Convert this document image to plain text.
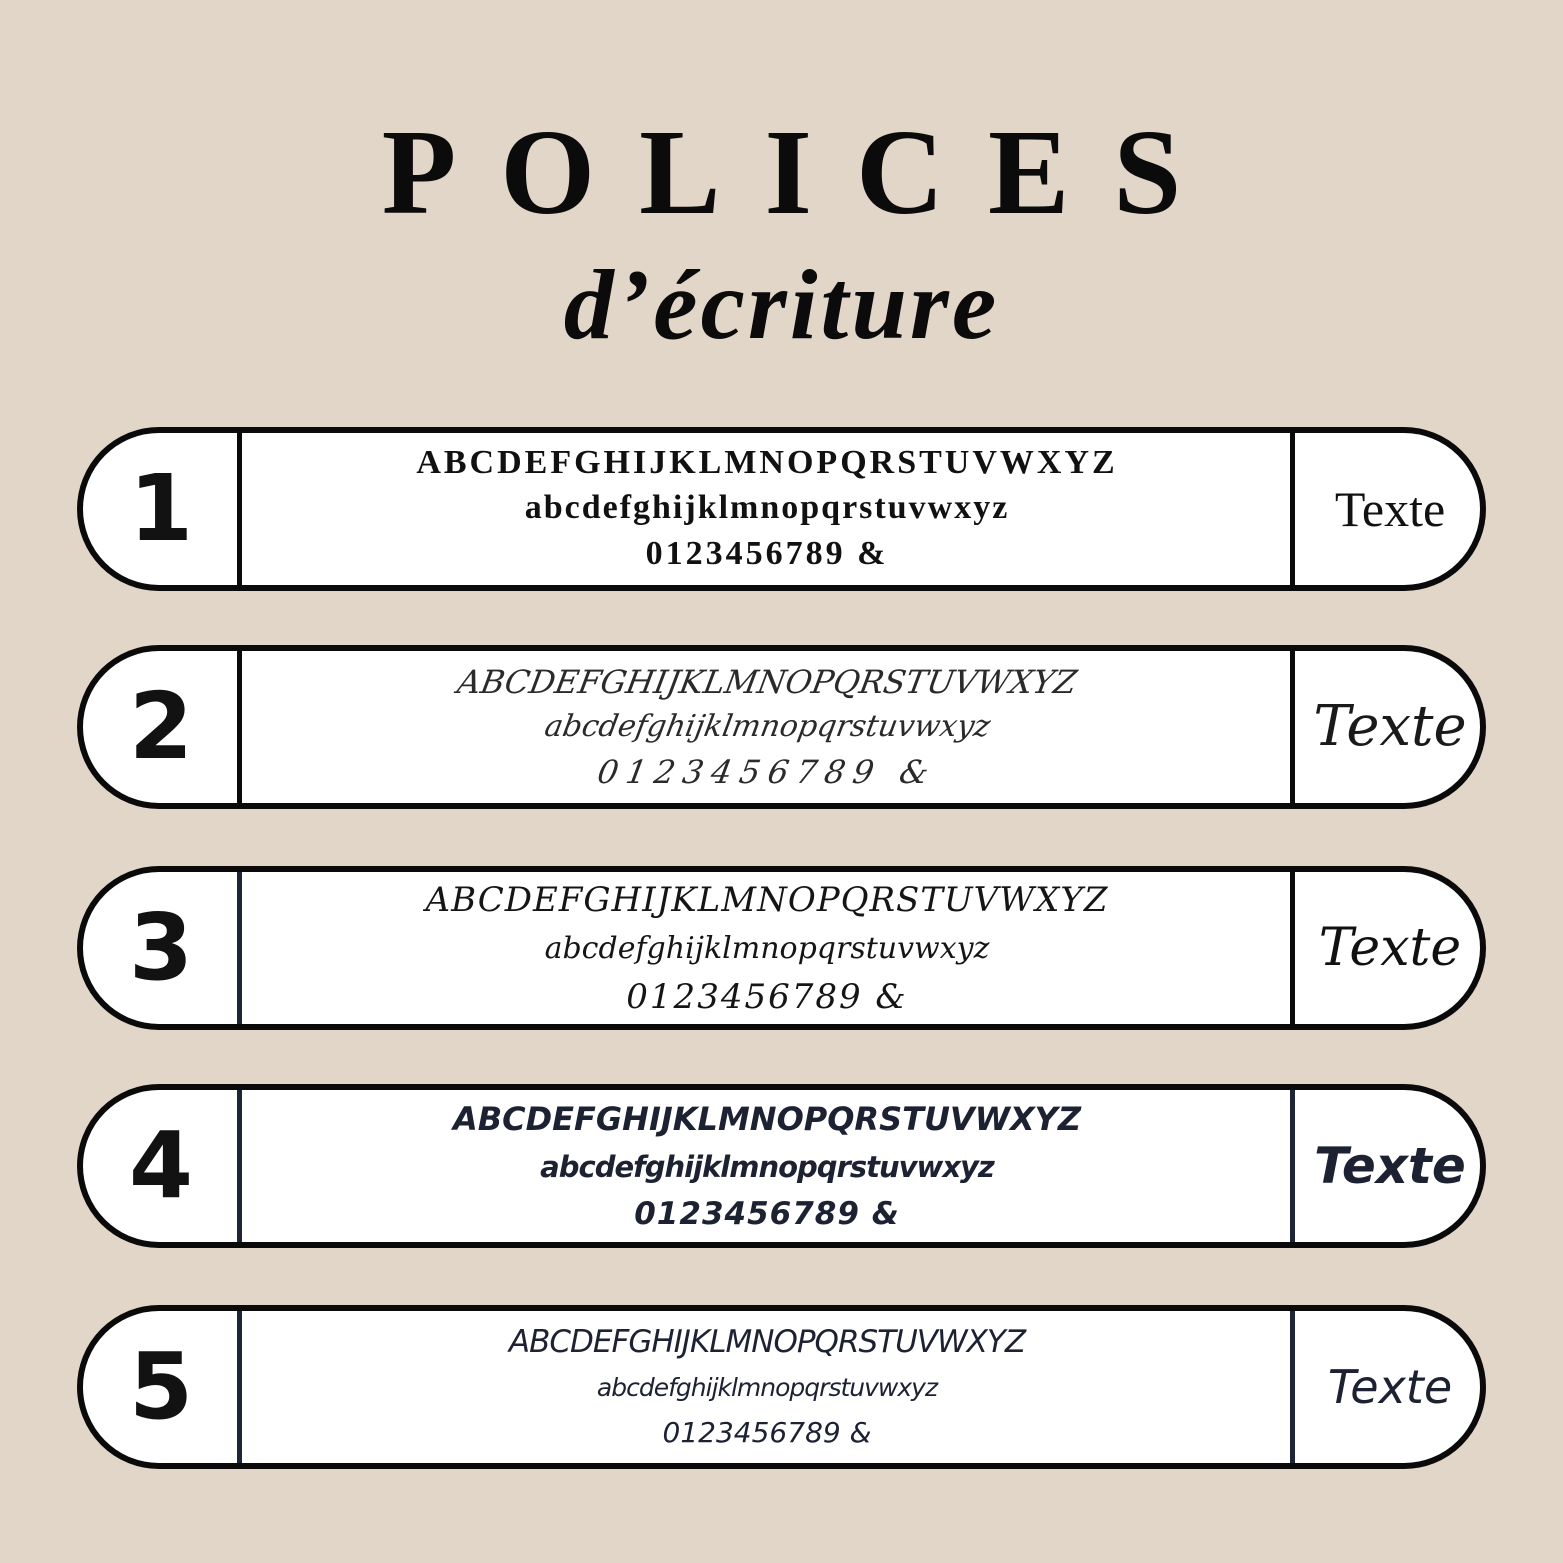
POLICES
d’écriture
1	ABCDEFGHIJKLMNOPQRSTUVWXYZ
abcdefghijklmnopqrstuvwxyz
0123456789 &
Texte
2	ABCDEFGHIJKLMNOPQRSTUVWXYZ
abcdefghijklmnopqrstuvwxyz
0123456789 &
Texte
3	ABCDEFGHIJKLMNOPQRSTUVWXYZ
abcdefghijklmnopqrstuvwxyz
0123456789 &
Texte
4	ABCDEFGHIJKLMNOPQRSTUVWXYZ
abcdefghijklmnopqrstuvwxyz
0123456789 &
Texte
5	ABCDEFGHIJKLMNOPQRSTUVWXYZ
abcdefghijklmnopqrstuvwxyz
0123456789 &
Texte
